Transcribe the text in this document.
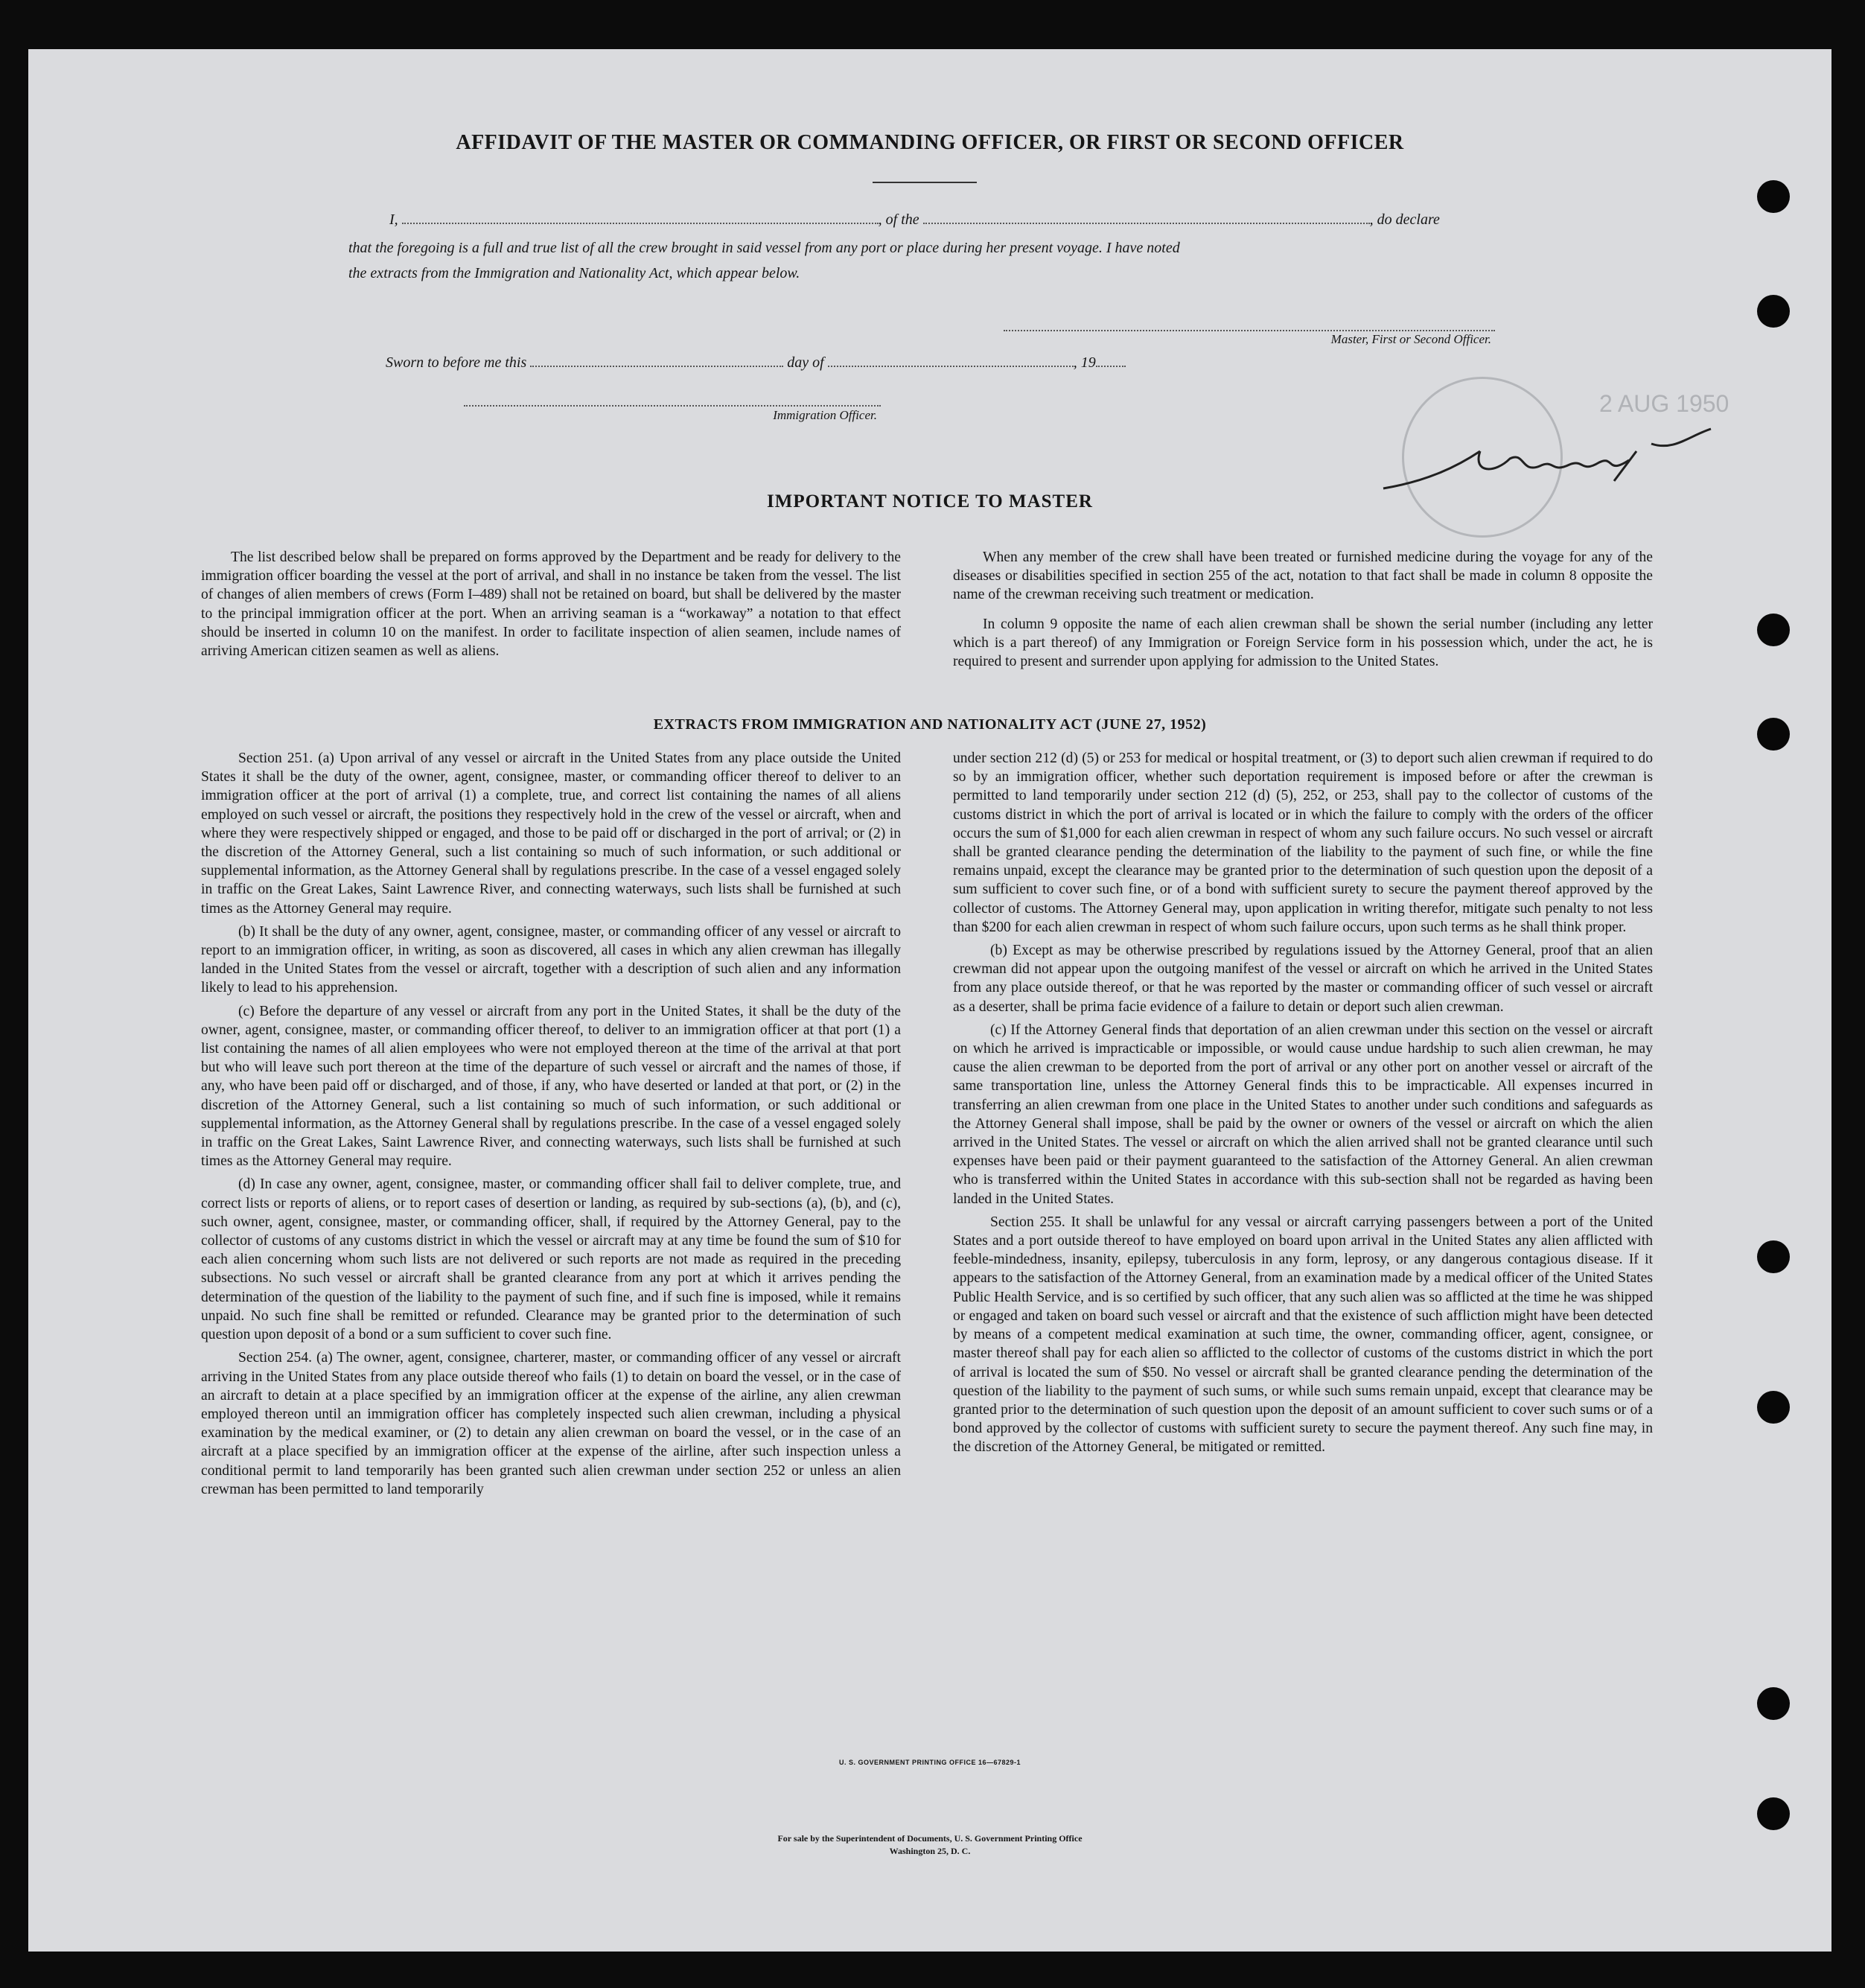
AFFIDAVIT OF THE MASTER OR COMMANDING OFFICER, OR FIRST OR SECOND OFFICER
I,	, of the	, do declare
that the foregoing is a full and true list of all the crew brought in said vessel from any port or place during her present voyage. I have noted
the extracts from the Immigration and Nationality Act, which appear below.
Master, First or Second Officer.
Sworn to before me this	day of	, 19
Immigration Officer.	2 AUG 1950
IMPORTANT NOTICE TO MASTER

The list described below shall be prepared on forms approved by the Department and be ready for delivery to the immigration officer boarding the vessel at the port of arrival, and shall in no instance be taken from the vessel. The list of changes of alien members of crews (Form I–489) shall not be retained on board, but shall be delivered by the master to the principal immigration officer at the port. When an arriving seaman is a “workaway” a notation to that effect should be inserted in column 10 on the manifest. In order to facilitate inspection of alien seamen, include names of arriving American citizen seamen as well as aliens.

When any member of the crew shall have been treated or furnished medicine during the voyage for any of the diseases or disabilities specified in section 255 of the act, notation to that fact shall be made in column 8 opposite the name of the crewman receiving such treatment or medication.

In column 9 opposite the name of each alien crewman shall be shown the serial number (including any letter which is a part thereof) of any Immigration or Foreign Service form in his possession which, under the act, he is required to present and surrender upon applying for admission to the United States.

EXTRACTS FROM IMMIGRATION AND NATIONALITY ACT (JUNE 27, 1952)

Section 251. (a) Upon arrival of any vessel or aircraft in the United States from any place outside the United States it shall be the duty of the owner, agent, consignee, master, or commanding officer thereof to deliver to an immigration officer at the port of arrival (1) a complete, true, and correct list containing the names of all aliens employed on such vessel or aircraft, the positions they respectively hold in the crew of the vessel or aircraft, when and where they were respectively shipped or engaged, and those to be paid off or discharged in the port of arrival; or (2) in the discretion of the Attorney General, such a list containing so much of such information, or such additional or supplemental information, as the Attorney General shall by regulations prescribe. In the case of a vessel engaged solely in traffic on the Great Lakes, Saint Lawrence River, and connecting waterways, such lists shall be furnished at such times as the Attorney General may require.

(b) It shall be the duty of any owner, agent, consignee, master, or commanding officer of any vessel or aircraft to report to an immigration officer, in writing, as soon as discovered, all cases in which any alien crewman has illegally landed in the United States from the vessel or aircraft, together with a description of such alien and any information likely to lead to his apprehension.

(c) Before the departure of any vessel or aircraft from any port in the United States, it shall be the duty of the owner, agent, consignee, master, or commanding officer thereof, to deliver to an immigration officer at that port (1) a list containing the names of all alien employees who were not employed thereon at the time of the arrival at that port but who will leave such port thereon at the time of the departure of such vessel or aircraft and the names of those, if any, who have been paid off or discharged, and of those, if any, who have deserted or landed at that port, or (2) in the discretion of the Attorney General, such a list containing so much of such information, or such additional or supplemental information, as the Attorney General shall by regulations prescribe. In the case of a vessel engaged solely in traffic on the Great Lakes, Saint Lawrence River, and connecting waterways, such lists shall be furnished at such times as the Attorney General may require.

(d) In case any owner, agent, consignee, master, or commanding officer shall fail to deliver complete, true, and correct lists or reports of aliens, or to report cases of desertion or landing, as required by sub-sections (a), (b), and (c), such owner, agent, consignee, master, or commanding officer, shall, if required by the Attorney General, pay to the collector of customs of any customs district in which the vessel or aircraft may at any time be found the sum of $10 for each alien concerning whom such lists are not delivered or such reports are not made as required in the preceding subsections. No such vessel or aircraft shall be granted clearance from any port at which it arrives pending the determination of the question of the liability to the payment of such fine, and if such fine is imposed, while it remains unpaid. No such fine shall be remitted or refunded. Clearance may be granted prior to the determination of such question upon deposit of a bond or a sum sufficient to cover such fine.

Section 254. (a) The owner, agent, consignee, charterer, master, or commanding officer of any vessel or aircraft arriving in the United States from any place outside thereof who fails (1) to detain on board the vessel, or in the case of an aircraft to detain at a place specified by an immigration officer at the expense of the airline, any alien crewman employed thereon until an immigration officer has completely inspected such alien crewman, including a physical examination by the medical examiner, or (2) to detain any alien crewman on board the vessel, or in the case of an aircraft at a place specified by an immigration officer at the expense of the airline, after such inspection unless a conditional permit to land temporarily has been granted such alien crewman under section 252 or unless an alien crewman has been permitted to land temporarily

under section 212 (d) (5) or 253 for medical or hospital treatment, or (3) to deport such alien crewman if required to do so by an immigration officer, whether such deportation requirement is imposed before or after the crewman is permitted to land temporarily under section 212 (d) (5), 252, or 253, shall pay to the collector of customs of the customs district in which the port of arrival is located or in which the failure to comply with the orders of the officer occurs the sum of $1,000 for each alien crewman in respect of whom any such failure occurs. No such vessel or aircraft shall be granted clearance pending the determination of the liability to the payment of such fine, or while the fine remains unpaid, except the clearance may be granted prior to the determination of such question upon the deposit of a sum sufficient to cover such fine, or of a bond with sufficient surety to secure the payment thereof approved by the collector of customs. The Attorney General may, upon application in writing therefor, mitigate such penalty to not less than $200 for each alien crewman in respect of whom such failure occurs, upon such terms as he shall think proper.

(b) Except as may be otherwise prescribed by regulations issued by the Attorney General, proof that an alien crewman did not appear upon the outgoing manifest of the vessel or aircraft on which he arrived in the United States from any place outside thereof, or that he was reported by the master or commanding officer of such vessel or aircraft as a deserter, shall be prima facie evidence of a failure to detain or deport such alien crewman.

(c) If the Attorney General finds that deportation of an alien crewman under this section on the vessel or aircraft on which he arrived is impracticable or impossible, or would cause undue hardship to such alien crewman, he may cause the alien crewman to be deported from the port of arrival or any other port on another vessel or aircraft of the same transportation line, unless the Attorney General finds this to be impracticable. All expenses incurred in transferring an alien crewman from one place in the United States to another under such conditions and safeguards as the Attorney General shall impose, shall be paid by the owner or owners of the vessel or aircraft on which the alien arrived in the United States. The vessel or aircraft on which the alien arrived shall not be granted clearance until such expenses have been paid or their payment guaranteed to the satisfaction of the Attorney General. An alien crewman who is transferred within the United States in accordance with this sub-section shall not be regarded as having been landed in the United States.

Section 255. It shall be unlawful for any vessal or aircraft carrying passengers between a port of the United States and a port outside thereof to have employed on board upon arrival in the United States any alien afflicted with feeble-mindedness, insanity, epilepsy, tuberculosis in any form, leprosy, or any dangerous contagious disease. If it appears to the satisfaction of the Attorney General, from an examination made by a medical officer of the United States Public Health Service, and is so certified by such officer, that any such alien was so afflicted at the time he was shipped or engaged and taken on board such vessel or aircraft and that the existence of such affliction might have been detected by means of a competent medical examination at such time, the owner, commanding officer, agent, consignee, or master thereof shall pay for each alien so afflicted to the collector of customs of the customs district in which the port of arrival is located the sum of $50. No vessel or aircraft shall be granted clearance pending the determination of the question of the liability to the payment of such sums, or while such sums remain unpaid, except that clearance may be granted prior to the determination of such question upon the deposit of an amount sufficient to cover such sums or of a bond approved by the collector of customs with sufficient surety to secure the payment thereof. Any such fine may, in the discretion of the Attorney General, be mitigated or remitted.

U. S. GOVERNMENT PRINTING OFFICE 16—67829-1
For sale by the Superintendent of Documents, U. S. Government Printing Office
Washington 25, D. C.
